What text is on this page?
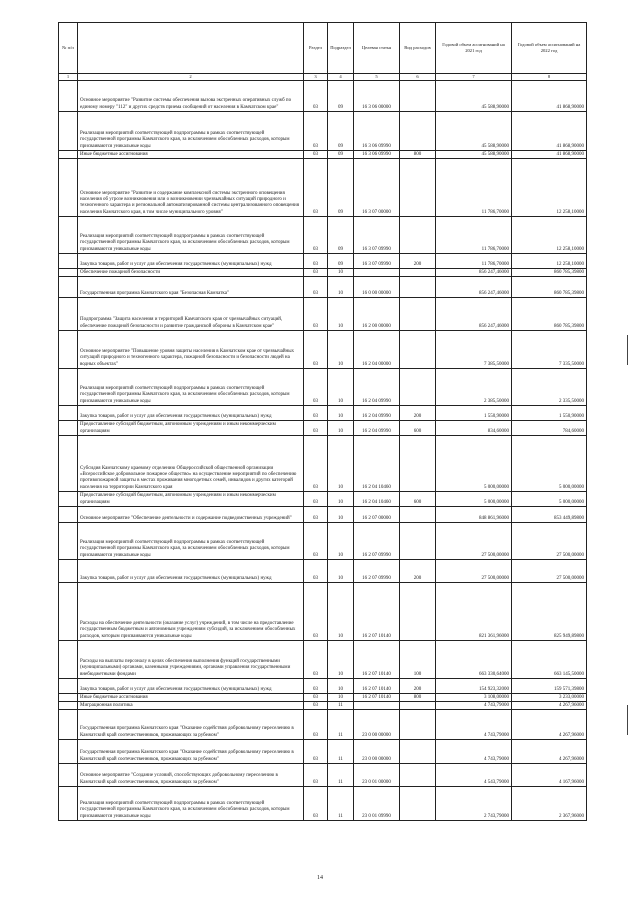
№ п/п		Раздел	Подраздел	Целевая статья	Вид расходов	Годовой объем ассигнований на 2021 год	Годовой объем ассигнований на 2022 год
1	2	3	4	5	6	7	8
	Основное мероприятие "Развитие системы обеспечения вызова экстренных оперативных служб по единому номеру "112" и других средств приема сообщений от населения в Камчатском крае"	03	09	16 3 06 00000		45 588,90000	41 868,90000
	Реализация мероприятий соответствующей подпрограммы в рамках соответствующей государственной программы Камчатского края, за исключением обособленных расходов, которым присваиваются уникальные коды	03	09	16 3 06 09990		45 588,90000	41 868,90000
	Иные бюджетные ассигнования	03	09	16 3 06 09990	800	45 588,90000	41 868,90000
	Основное мероприятие "Развитие и содержание комплексной системы экстренного оповещения населения об угрозе возникновения или о возникновении чрезвычайных ситуаций природного и техногенного характера и региональной автоматизированной системы централизованного оповещения населения Камчатского края, в том числе муниципального уровня"	03	09	16 3 07 00000		11 786,70000	12 258,10000
	Реализация мероприятий соответствующей подпрограммы в рамках соответствующей государственной программы Камчатского края, за исключением обособленных расходов, которым присваиваются уникальные коды	03	09	16 3 07 09990		11 786,70000	12 258,10000
	Закупка товаров, работ и услуг для обеспечения государственных (муниципальных) нужд	03	09	16 3 07 09990	200	11 786,70000	12 258,10000
	Обеспечение пожарной безопасности	03	10			856 247,46000	860 785,39800
	Государственная программа Камчатского края "Безопасная Камчатка"	03	10	16 0 00 00000		856 247,46000	860 785,39800
	Подпрограмма "Защита населения и территорий Камчатского края от чрезвычайных ситуаций, обеспечение пожарной безопасности и развитие гражданской обороны в Камчатском крае"	03	10	16 2 00 00000		856 247,46000	860 785,39800
	Основное мероприятие "Повышение уровня защиты населения в Камчатском крае от чрезвычайных ситуаций природного и техногенного характера, пожарной безопасности и безопасности людей на водных объектах"	03	10	16 2 04 00000		7 385,50000	7 335,50000
	Реализация мероприятий соответствующей подпрограммы в рамках соответствующей государственной программы Камчатского края, за исключением обособленных расходов, которым присваиваются уникальные коды	03	10	16 2 04 09990		2 385,50000	2 335,50000
	Закупка товаров, работ и услуг для обеспечения государственных (муниципальных) нужд	03	10	16 2 04 09990	200	1 550,90000	1 550,90000
	Предоставление субсидий бюджетным, автономным учреждениям и иным некоммерческим организациям	03	10	16 2 04 09990	600	834,60000	784,60000
	Субсидия Камчатскому краевому отделению Общероссийской общественной организации «Всероссийское добровольное пожарное общество» на осуществление мероприятий по обеспечению противопожарной защиты в местах проживания многодетных семей, инвалидов и других категорий населения на территории Камчатского края	03	10	16 2 04 10460		5 000,00000	5 000,00000
	Предоставление субсидий бюджетным, автономным учреждениям и иным некоммерческим организациям	03	10	16 2 04 10460	600	5 000,00000	5 000,00000
	Основное мероприятие "Обеспечение деятельности и содержание подведомственных учреждений"	03	10	16 2 07 00000		848 861,96000	853 449,89800
	Реализация мероприятий соответствующей подпрограммы в рамках соответствующей государственной программы Камчатского края, за исключением обособленных расходов, которым присваиваются уникальные коды	03	10	16 2 07 09990		27 500,00000	27 500,00000
	Закупка товаров, работ и услуг для обеспечения государственных (муниципальных) нужд	03	10	16 2 07 09990	200	27 500,00000	27 500,00000
	Расходы на обеспечение деятельности (оказание услуг) учреждений, в том числе на предоставление государственным бюджетным и автономным учреждениям субсидий, за исключением обособленных расходов, которым присваиваются уникальные коды	03	10	16 2 07 10140		821 361,96000	825 949,89800
	Расходы на выплаты персоналу в целях обеспечения выполнения функций государственными (муниципальными) органами, казенными учреждениями, органами управления государственными внебюджетными фондами	03	10	16 2 07 10140	100	663 330,64000	663 145,50000
	Закупка товаров, работ и услуг для обеспечения государственных (муниципальных) нужд	03	10	16 2 07 10140	200	154 923,32000	159 571,39800
	Иные бюджетные ассигнования	03	10	16 2 07 10140	800	3 108,00000	3 233,00000
	Миграционная политика	03	11			4 743,79000	4 267,96000
	Государственная программа Камчатского края "Оказание содействия добровольному переселению в Камчатский край соотечественников, проживающих за рубежом"	03	11	23 0 00 00000		4 743,79000	4 267,96000
	Государственная программа Камчатского края "Оказание содействия добровольному переселению в Камчатский край соотечественников, проживающих за рубежом"	03	11	23 0 00 00000		4 743,79000	4 267,96000
	Основное мероприятие "Создание условий, способствующих добровольному переселению в Камчатский край соотечественников, проживающих за рубежом"	03	11	23 0 01 00000		4 543,79000	4 167,96000
	Реализация мероприятий соответствующей подпрограммы в рамках соответствующей государственной программы Камчатского края, за исключением обособленных расходов, которым присваиваются уникальные коды	03	11	23 0 01 09990		2 743,79000	2 367,96000
14
